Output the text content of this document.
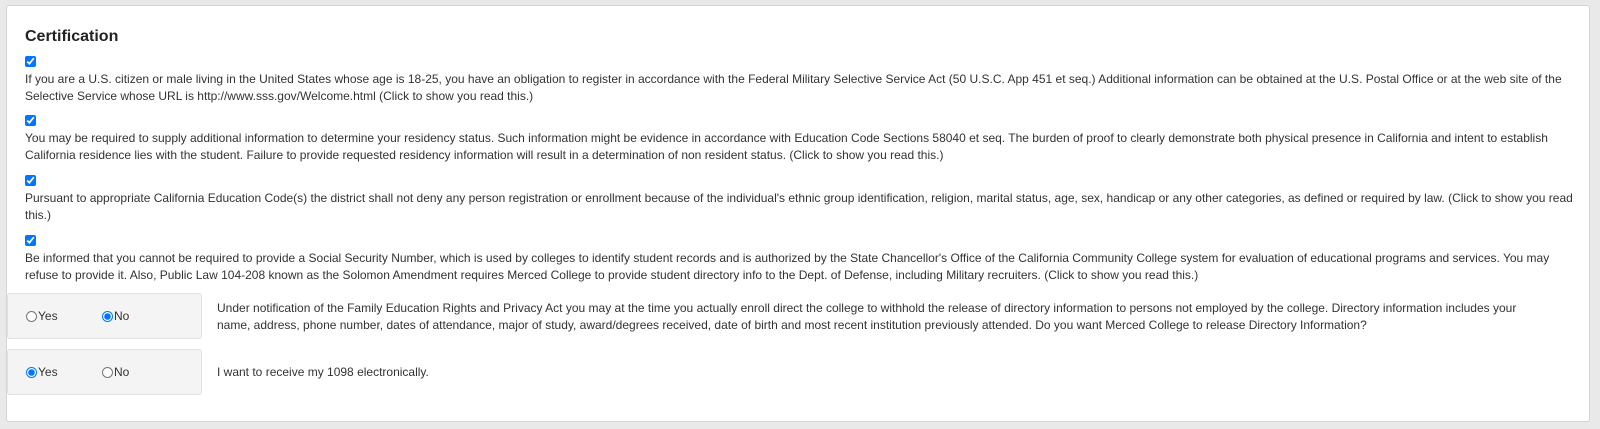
Certification

If you are a U.S. citizen or male living in the United States whose age is 18-25, you have an obligation to register in accordance with the Federal Military Selective Service Act (50 U.S.C. App 451 et seq.) Additional information can be obtained at the U.S. Postal Office or at the web site of the Selective Service whose URL is http://www.sss.gov/Welcome.html (Click to show you read this.)

You may be required to supply additional information to determine your residency status. Such information might be evidence in accordance with Education Code Sections 58040 et seq. The burden of proof to clearly demonstrate both physical presence in California and intent to establish California residence lies with the student. Failure to provide requested residency information will result in a determination of non resident status. (Click to show you read this.)

Pursuant to appropriate California Education Code(s) the district shall not deny any person registration or enrollment because of the individual's ethnic group identification, religion, marital status, age, sex, handicap or any other categories, as defined or required by law. (Click to show you read this.)

Be informed that you cannot be required to provide a Social Security Number, which is used by colleges to identify student records and is authorized by the State Chancellor's Office of the California Community College system for evaluation of educational programs and services. You may refuse to provide it. Also, Public Law 104-208 known as the Solomon Amendment requires Merced College to provide student directory info to the Dept. of Defense, including Military recruiters. (Click to show you read this.)

Yes	No

Under notification of the Family Education Rights and Privacy Act you may at the time you actually enroll direct the college to withhold the release of directory information to persons not employed by the college. Directory information includes your name, address, phone number, dates of attendance, major of study, award/degrees received, date of birth and most recent institution previously attended. Do you want Merced College to release Directory Information?

Yes	No	I want to receive my 1098 electronically.
